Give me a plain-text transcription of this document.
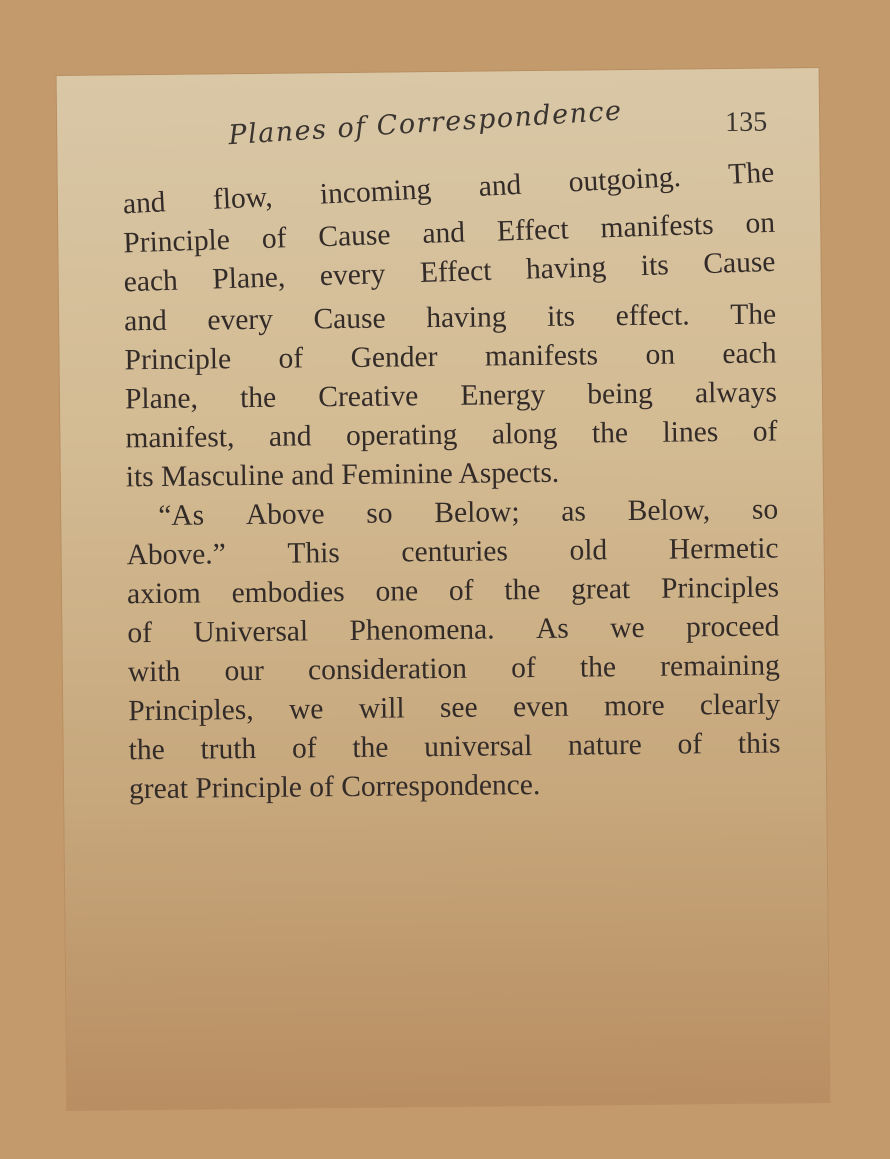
Planes of Correspondence	135
and flow, incoming and outgoing. The
Principle of Cause and Effect manifests on
each Plane, every Effect having its Cause
and every Cause having its effect. The
Principle of Gender manifests on each
Plane, the Creative Energy being always
manifest, and operating along the lines of
its Masculine and Feminine Aspects.
“As Above so Below; as Below, so
Above.” This centuries old Hermetic
axiom embodies one of the great Principles
of Universal Phenomena. As we proceed
with our consideration of the remaining
Principles, we will see even more clearly
the truth of the universal nature of this
great Principle of Correspondence.
